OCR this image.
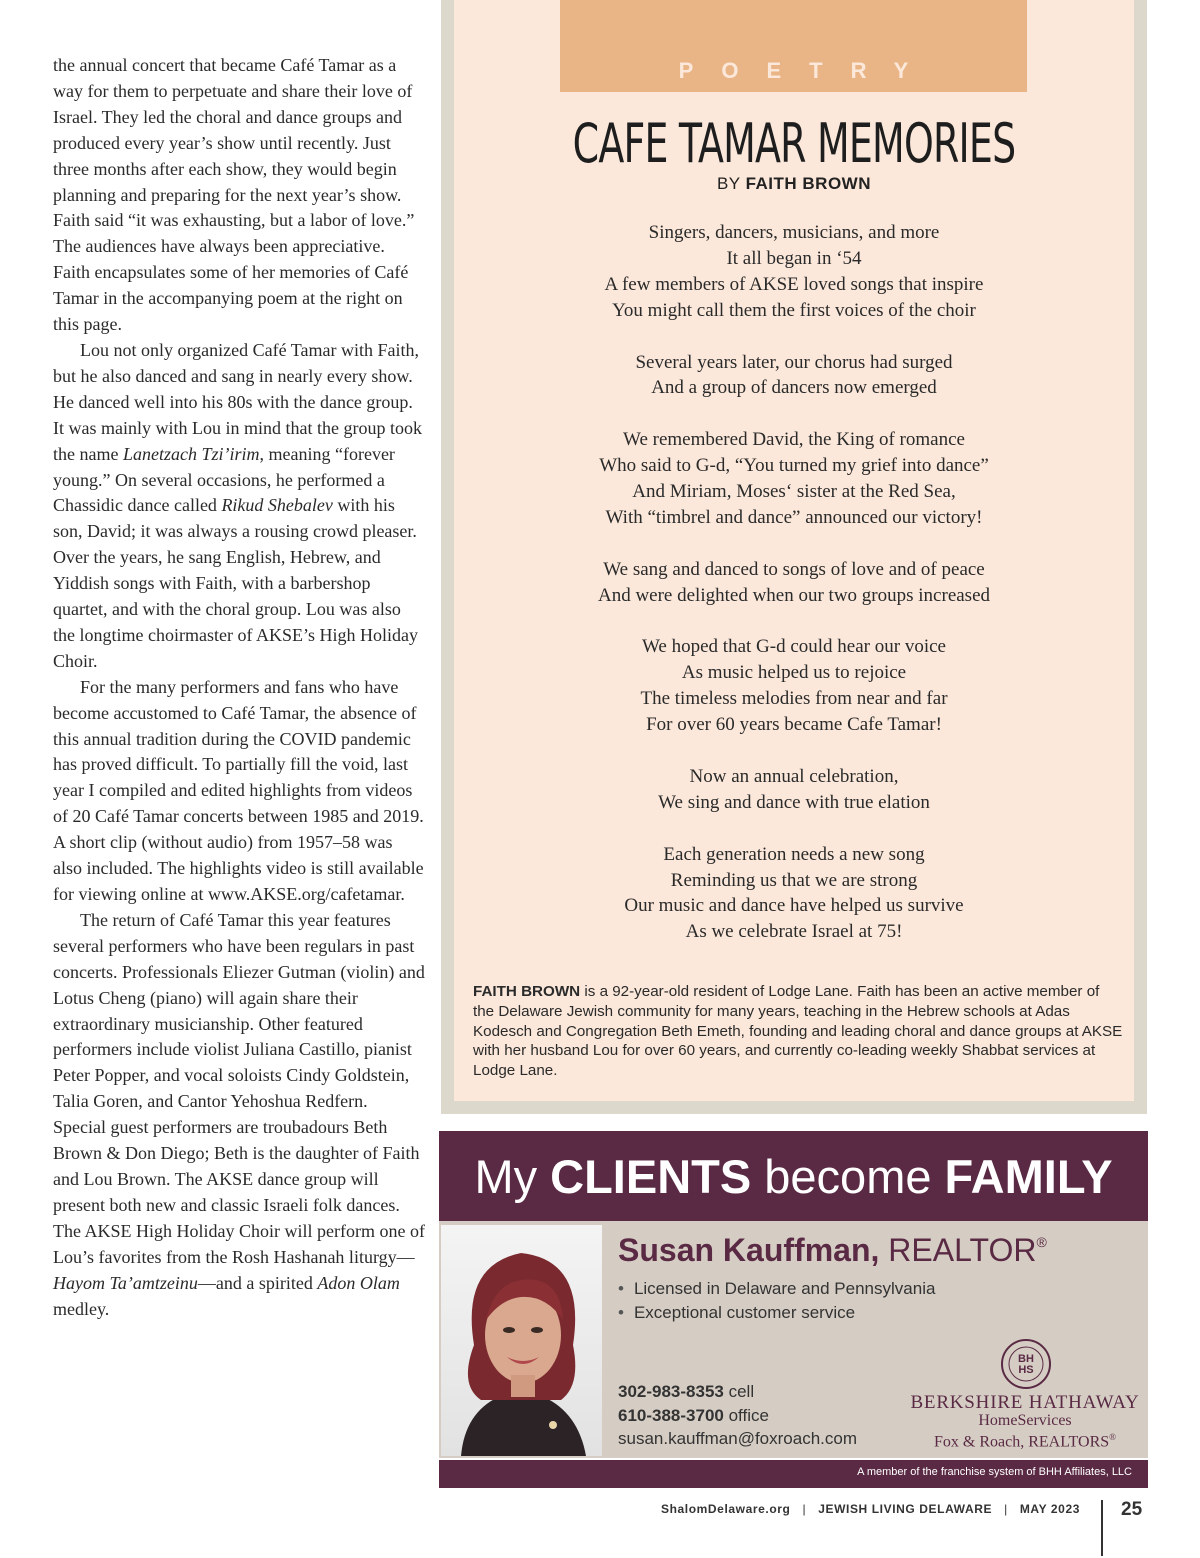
the annual concert that became Café Tamar as a way for them to perpetuate and share their love of Israel. They led the choral and dance groups and produced every year’s show until recently. Just three months after each show, they would begin planning and preparing for the next year’s show. Faith said “it was exhausting, but a labor of love.” The audiences have always been appreciative. Faith encapsulates some of her memories of Café Tamar in the accompanying poem at the right on this page.

Lou not only organized Café Tamar with Faith, but he also danced and sang in nearly every show. He danced well into his 80s with the dance group. It was mainly with Lou in mind that the group took the name Lanetzach Tzi’irim, meaning “forever young.” On several occasions, he performed a Chassidic dance called Rikud Shebalev with his son, David; it was always a rousing crowd pleaser. Over the years, he sang English, Hebrew, and Yiddish songs with Faith, with a barbershop quartet, and with the choral group. Lou was also the longtime choirmaster of AKSE’s High Holiday Choir.

For the many performers and fans who have become accustomed to Café Tamar, the absence of this annual tradition during the COVID pandemic has proved difficult. To partially fill the void, last year I compiled and edited highlights from videos of 20 Café Tamar concerts between 1985 and 2019. A short clip (without audio) from 1957–58 was also included. The highlights video is still available for viewing online at www.AKSE.org/cafetamar.

The return of Café Tamar this year features several performers who have been regulars in past concerts. Professionals Eliezer Gutman (violin) and Lotus Cheng (piano) will again share their extraordinary musicianship. Other featured performers include violist Juliana Castillo, pianist Peter Popper, and vocal soloists Cindy Goldstein, Talia Goren, and Cantor Yehoshua Redfern. Special guest performers are troubadours Beth Brown & Don Diego; Beth is the daughter of Faith and Lou Brown. The AKSE dance group will present both new and classic Israeli folk dances. The AKSE High Holiday Choir will perform one of Lou’s favorites from the Rosh Hashanah liturgy—Hayom Ta’amtzeinu—and a spirited Adon Olam medley.

POETRY
CAFE TAMAR MEMORIES
BY FAITH BROWN
Singers, dancers, musicians, and more
It all began in ‘54
A few members of AKSE loved songs that inspire
You might call them the first voices of the choir
Several years later, our chorus had surged
And a group of dancers now emerged
We remembered David, the King of romance
Who said to G-d, “You turned my grief into dance”
And Miriam, Moses‘ sister at the Red Sea,
With “timbrel and dance” announced our victory!
We sang and danced to songs of love and of peace
And were delighted when our two groups increased
We hoped that G-d could hear our voice
As music helped us to rejoice
The timeless melodies from near and far
For over 60 years became Cafe Tamar!
Now an annual celebration,
We sing and dance with true elation
Each generation needs a new song
Reminding us that we are strong
Our music and dance have helped us survive
As we celebrate Israel at 75!
FAITH BROWN is a 92-year-old resident of Lodge Lane. Faith has been an active member of the Delaware Jewish community for many years, teaching in the Hebrew schools at Adas Kodesch and Congregation Beth Emeth, founding and leading choral and dance groups at AKSE with her husband Lou for over 60 years, and currently co-leading weekly Shabbat services at Lodge Lane.
My CLIENTS become FAMILY
Susan Kauffman, REALTOR®
• Licensed in Delaware and Pennsylvania
• Exceptional customer service
302-983-8353 cell
610-388-3700 office
susan.kauffman@foxroach.com
BH
HS
BERKSHIRE HATHAWAY
HomeServices
Fox & Roach, REALTORS®
A member of the franchise system of BHH Affiliates, LLC
ShalomDelaware.org | JEWISH LIVING DELAWARE | MAY 2023 25
